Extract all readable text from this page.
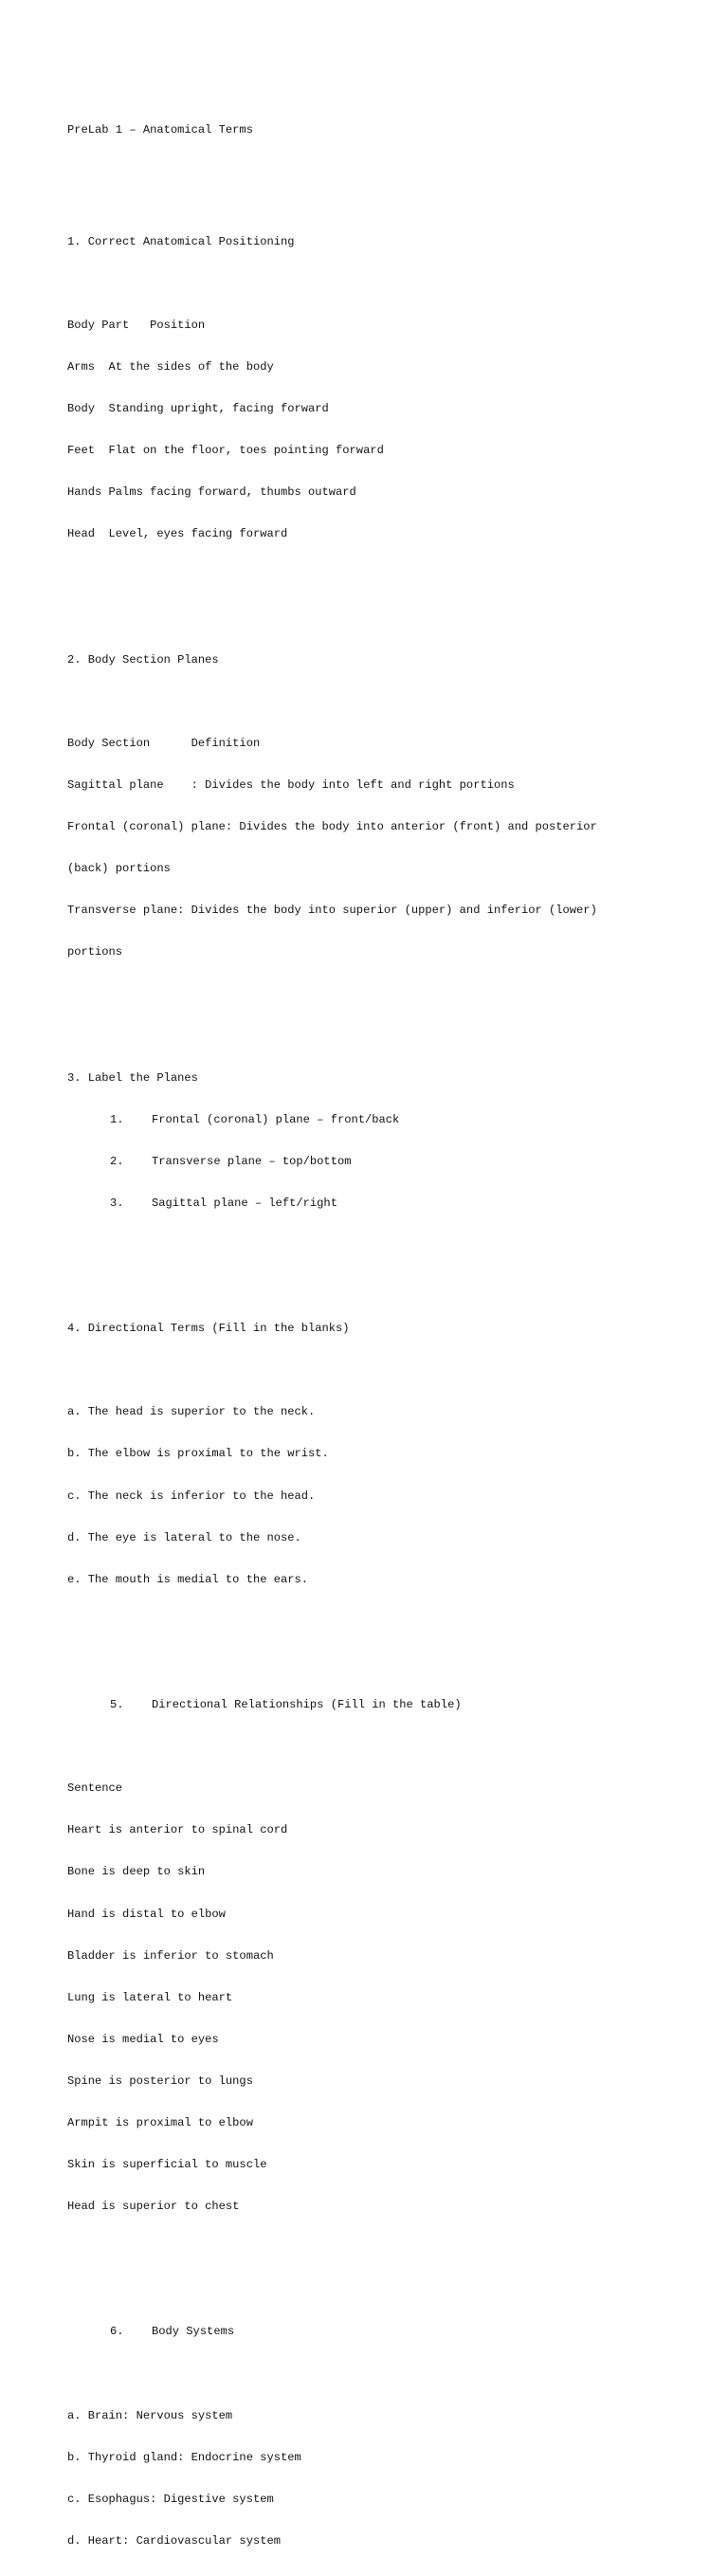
PreLab 1 – Anatomical Terms

1. Correct Anatomical Positioning

Body Part   Position

Arms  At the sides of the body

Body  Standing upright, facing forward

Feet  Flat on the floor, toes pointing forward

Hands Palms facing forward, thumbs outward

Head  Level, eyes facing forward

2. Body Section Planes

Body Section      Definition

Sagittal plane    : Divides the body into left and right portions

Frontal (coronal) plane: Divides the body into anterior (front) and posterior

(back) portions

Transverse plane: Divides the body into superior (upper) and inferior (lower)

portions

3. Label the Planes

1. Frontal (coronal) plane – front/back

2. Transverse plane – top/bottom

3. Sagittal plane – left/right

4. Directional Terms (Fill in the blanks)

a. The head is superior to the neck.

b. The elbow is proximal to the wrist.

c. The neck is inferior to the head.

d. The eye is lateral to the nose.

e. The mouth is medial to the ears.

5. Directional Relationships (Fill in the table)

Sentence

Heart is anterior to spinal cord

Bone is deep to skin

Hand is distal to elbow

Bladder is inferior to stomach

Lung is lateral to heart

Nose is medial to eyes

Spine is posterior to lungs

Armpit is proximal to elbow

Skin is superficial to muscle

Head is superior to chest

6. Body Systems

a. Brain: Nervous system

b. Thyroid gland: Endocrine system

c. Esophagus: Digestive system

d. Heart: Cardiovascular system
